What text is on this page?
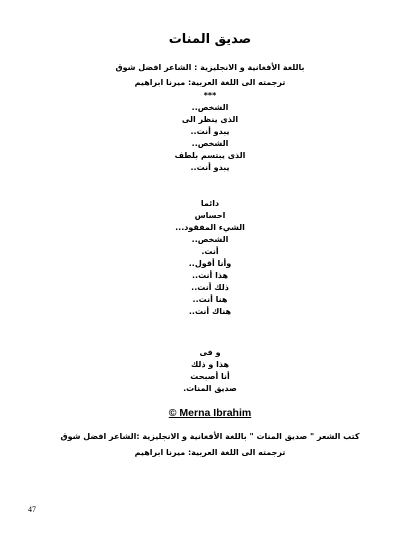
صديق المنات
باللغة الأفغانية و الانجليزية : الشاعر افضل شوق
ترجمته الى اللغة العربية: ميرنا ابراهيم
***
الشخص..
الذى ينظر الى
يبدو أنت..
الشخص..
الذى يبتسم بلطف
يبدو أنت..
دائما
احساس
الشيء المفقود...
الشخص..
أنت.
وأنا أقول..
هذا أنت..
ذلك أنت..
هنا أنت..
هناك أنت..
و فى
هذا و ذلك
أنا أصبحت
صديق المنات.
© Merna Ibrahim
كتب الشعر " صديق المنات " باللغة الأفغانية و الانجليزية :الشاعر افضل شوق
ترجمته الى اللغة العربية: ميرنا ابراهيم
47
